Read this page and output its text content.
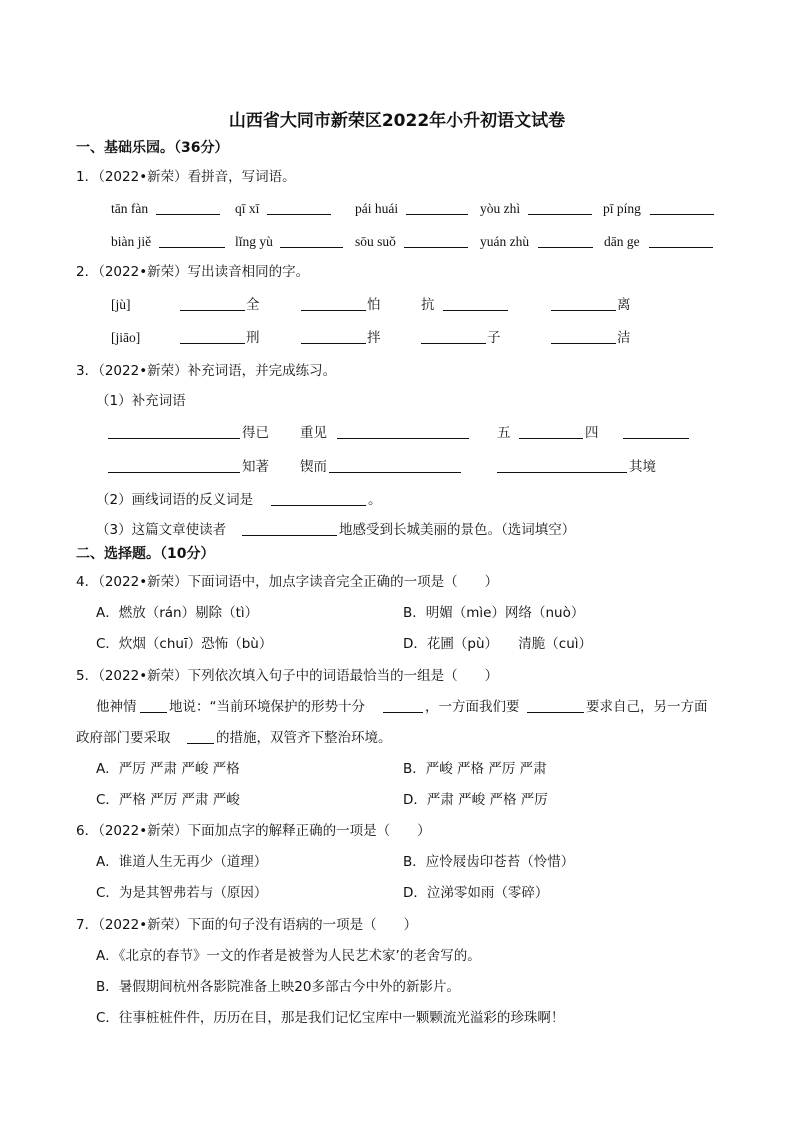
山西省大同市新荣区2022年小升初语文试卷
一、基础乐园。（36分）
1．（2022•新荣）看拼音，写词语。
tān fàn	qī xī	pái huái	yòu zhì	pī píng
biàn jiě	lǐng yù	sōu suǒ	yuán zhù	dān ge
2．（2022•新荣）写出读音相同的字。
[jù]	全	怕	抗	离
[jiāo]	刑	拌	子	洁
3．（2022•新荣）补充词语，并完成练习。
（1）补充词语
得已 重见	五	四
知著 锲而	其境
（2）画线词语的反义词是	。
（3）这篇文章使读者	地感受到长城美丽的景色。（选词填空）
二、选择题。（10分）
4．（2022•新荣）下面词语中，加点字读音完全正确的一项是（　　）
A．燃放（rán）剔除（tì）	B．明媚（mìe）网络（nuò）
C．炊烟（chuī）恐怖（bù）	D．花圃（pù）　　清脆（cuì）
5．（2022•新荣）下列依次填入句子中的词语最恰当的一组是（　　）
他神情 地说：“当前环境保护的形势十分	，一方面我们要	要求自己，另一方面
政府部门要采取	的措施，双管齐下整治环境。
A．严厉 严肃 严峻 严格	B．严峻 严格 严厉 严肃
C．严格 严厉 严肃 严峻	D．严肃 严峻 严格 严厉
6．（2022•新荣）下面加点字的解释正确的一项是（　　）
A．谁道人生无再少（道理）	B．应怜屐齿印苍苔（怜惜）
C．为是其智弗若与（原因）	D．泣涕零如雨（零碎）
7．（2022•新荣）下面的句子没有语病的一项是（　　）
A．《北京的春节》一文的作者是被誉为人民艺术家’的老舍写的。
B．暑假期间杭州各影院准备上映20多部古今中外的新影片。
C．往事桩桩件件，历历在目，那是我们记忆宝库中一颗颗流光溢彩的珍珠啊！
